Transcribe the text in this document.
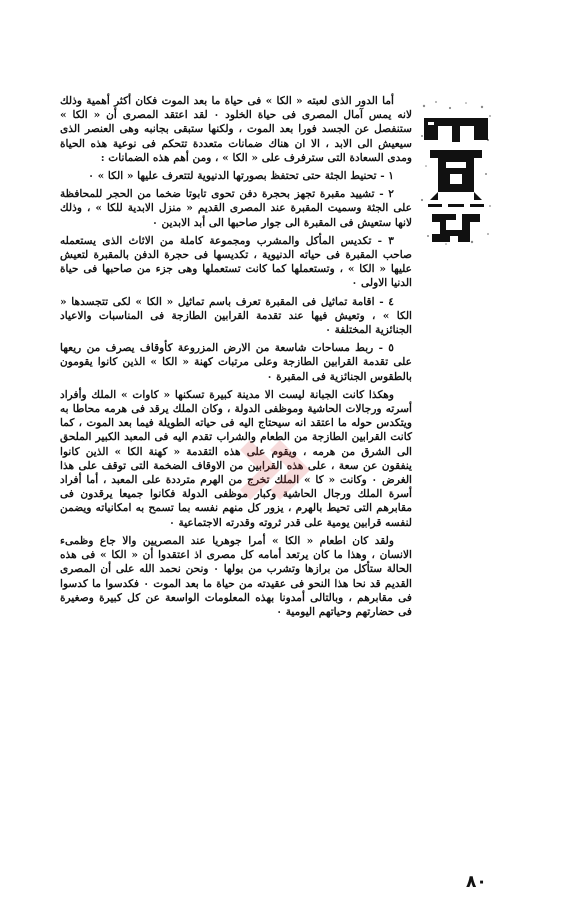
أما الدور الذى لعبته « الكا » فى حياة ما بعد الموت فكان أكثر أهمية وذلك لانه يمس آمال المصرى فى حياة الخلود ٠ لقد اعتقد المصرى أن « الكا » ستنفصل عن الجسد فورا بعد الموت ، ولكنها ستبقى بجانبه وهى العنصر الذى سيعيش الى الابد ، الا ان هناك ضمانات متعددة تتحكم فى نوعية هذه الحياة ومدى السعادة التى سترفرف على « الكا » ، ومن أهم هذه الضمانات :

١ - تحنيط الجثة حتى تحتفظ بصورتها الدنيوية لتتعرف عليها « الكا » ٠

٢ - تشييد مقبرة تجهز بحجرة دفن تحوى تابوتا ضخما من الحجر للمحافظة على الجثة وسميت المقبرة عند المصرى القديم « منزل الابدية للكا » ، وذلك لانها ستعيش فى المقبرة الى جوار صاحبها الى أبد الابدين ٠

٣ - تكديس المأكل والمشرب ومجموعة كاملة من الاثاث الذى يستعمله صاحب المقبرة فى حياته الدنيوية ، تكديسها فى حجرة الدفن بالمقبرة لتعيش عليها « الكا » ، وتستعملها كما كانت تستعملها وهى جزء من صاحبها فى حياة الدنيا الاولى ٠

٤ - اقامة تماثيل فى المقبرة تعرف باسم تماثيل « الكا » لكى تتجسدها « الكا » ، وتعيش فيها عند تقدمة القرابين الطازجة فى المناسبات والاعياد الجنائزية المختلفة ٠

٥ - ربط مساحات شاسعة من الارض المزروعة كأوقاف يصرف من ريعها على تقدمة القرابين الطازجة وعلى مرتبات كهنة « الكا » الذين كانوا يقومون بالطقوس الجنائزية فى المقبرة ٠

وهكذا كانت الجبانة ليست الا مدينة كبيرة تسكنها « كاوات » الملك وأفراد أسرته ورجالات الحاشية وموظفى الدولة ، وكان الملك يرقد فى هرمه محاطا به ويتكدس حوله ما اعتقد انه سيحتاج اليه فى حياته الطويلة فيما بعد الموت ، كما كانت القرابين الطازجة من الطعام والشراب تقدم اليه فى المعبد الكبير الملحق الى الشرق من هرمه ، ويقوم على هذه التقدمة « كهنة الكا » الذين كانوا ينفقون عن سعة ، على هذه القرابين من الاوقاف الضخمة التى توقف على هذا الغرض ٠ وكانت « كا » الملك تخرج من الهرم مترددة على المعبد ، أما أفراد أسرة الملك ورجال الحاشية وكبار موظفى الدولة فكانوا جميعا يرقدون فى مقابرهم التى تحيط بالهرم ، يزور كل منهم نفسه بما تسمح به امكانياته ويضمن لنفسه قرابين يومية على قدر ثروته وقدرته الاجتماعية ٠

ولقد كان اطعام « الكا » أمرا جوهريا عند المصريين والا جاع وظمىء الانسان ، وهذا ما كان يرتعد أمامه كل مصرى اذ اعتقدوا أن « الكا » فى هذه الحالة ستأكل من برازها وتشرب من بولها ٠ ونحن نحمد الله على أن المصرى القديم قد نحا هذا النحو فى عقيدته من حياة ما بعد الموت ٠ فكدسوا ما كدسوا فى مقابرهم ، وبالتالى أمدونا بهذه المعلومات الواسعة عن كل كبيرة وصغيرة فى حضارتهم وحياتهم اليومية ٠

٨٠
